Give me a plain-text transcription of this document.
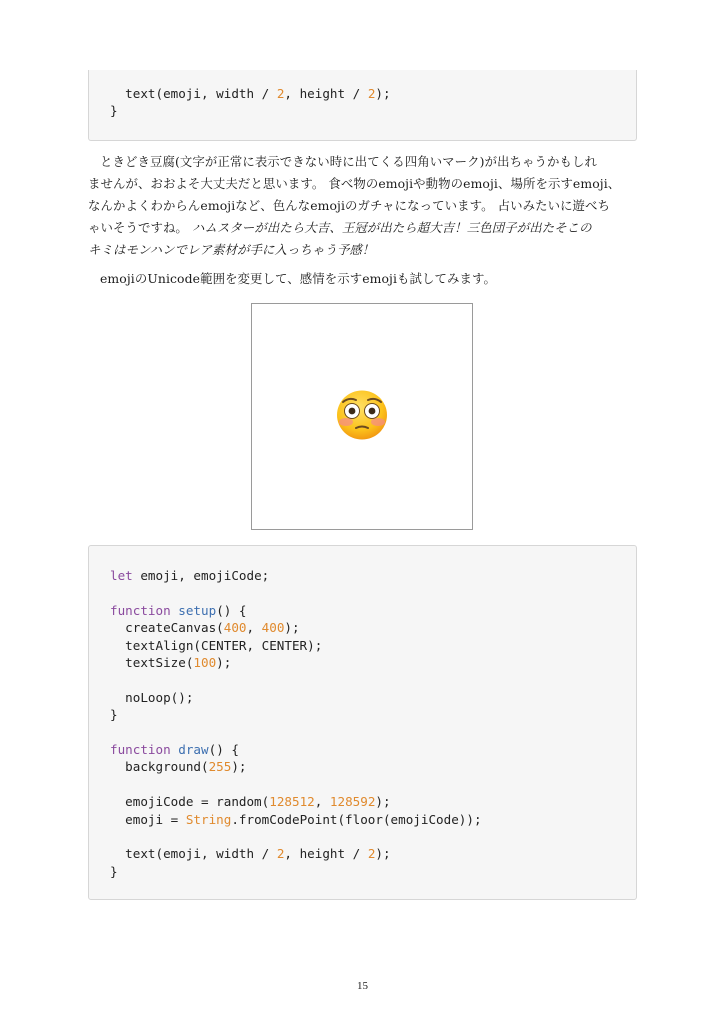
text(emoji, width / 2, height / 2);
}
ときどき豆腐(文字が正常に表示できない時に出てくる四角いマーク)が出ちゃうかもしれ
ませんが、おおよそ大丈夫だと思います。 食べ物のemojiや動物のemoji、場所を示すemoji、
なんかよくわからんemojiなど、色んなemojiのガチャになっています。 占いみたいに遊べち
ゃいそうですね。 ハムスターが出たら大吉、王冠が出たら超大吉！三色団子が出たそこの
キミはモンハンでレア素材が手に入っちゃう予感！
emojiのUnicode範囲を変更して、感情を示すemojiも試してみます。
let emoji, emojiCode;

function setup() {
createCanvas(400, 400);
textAlign(CENTER, CENTER);
textSize(100);

noLoop();
}

function draw() {
background(255);

emojiCode = random(128512, 128592);
emoji = String.fromCodePoint(floor(emojiCode));

text(emoji, width / 2, height / 2);
}
15
